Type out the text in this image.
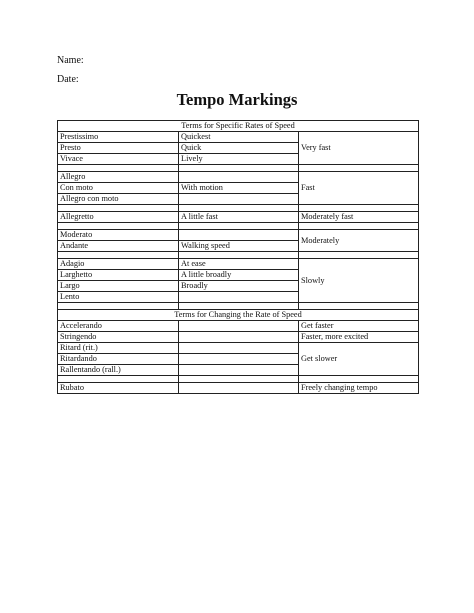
Name:
Date:
Tempo Markings
Terms for Specific Rates of Speed		
Prestissimo	Quickest	Very fast
Presto	Quick	
Vivace	Lively	

Allegro		Fast
Con moto	With motion	
Allegro con moto		

Allegretto	A little fast	Moderately fast

Moderato		Moderately
Andante	Walking speed	

Adagio	At ease	Slowly
Larghetto	A little broadly	
Largo	Broadly	
Lento		

Terms for Changing the Rate of Speed		
Accelerando		Get faster
Stringendo		Faster, more excited
Ritard (rit.)		Get slower
Ritardando		
Rallentando (rall.)		

Rubato		Freely changing tempo
